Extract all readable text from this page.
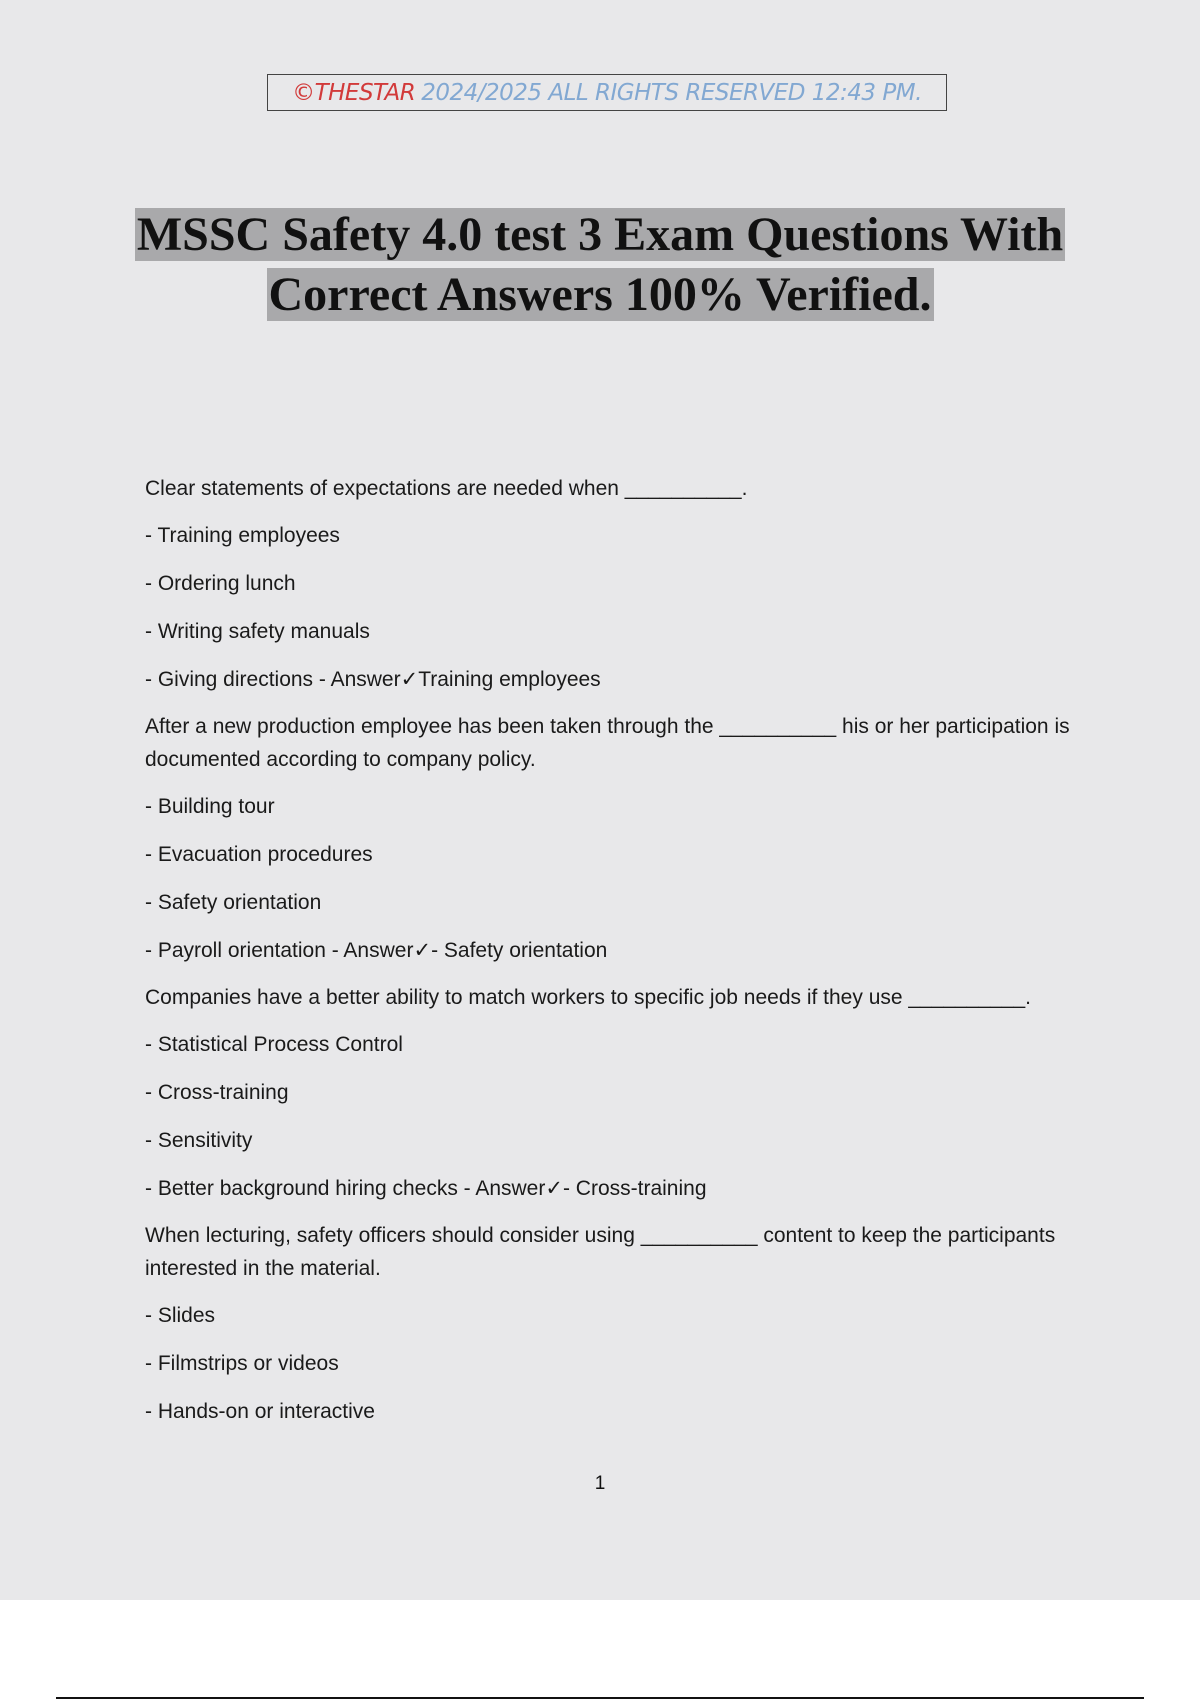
©THESTAR 2024/2025 ALL RIGHTS RESERVED 12:43 PM.
MSSC Safety 4.0 test 3 Exam Questions With
Correct Answers 100% Verified.
Clear statements of expectations are needed when __________.
- Training employees
- Ordering lunch
- Writing safety manuals
- Giving directions - Answer✓Training employees
After a new production employee has been taken through the __________ his or her participation is documented according to company policy.
- Building tour
- Evacuation procedures
- Safety orientation
- Payroll orientation - Answer✓- Safety orientation
Companies have a better ability to match workers to specific job needs if they use __________.
- Statistical Process Control
- Cross-training
- Sensitivity
- Better background hiring checks - Answer✓- Cross-training
When lecturing, safety officers should consider using __________ content to keep the participants interested in the material.
- Slides
- Filmstrips or videos
- Hands-on or interactive
1
